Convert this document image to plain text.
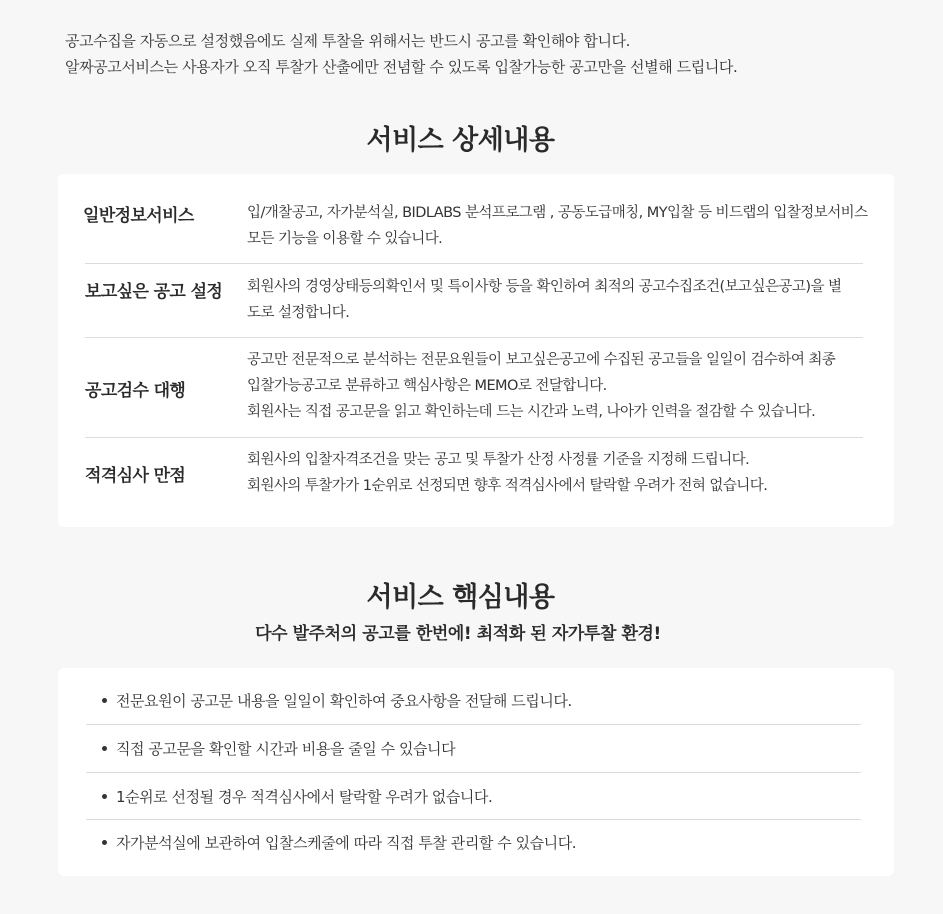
공고수집을 자동으로 설정했음에도 실제 투찰을 위해서는 반드시 공고를 확인해야 합니다.

알짜공고서비스는 사용자가 오직 투찰가 산출에만 전념할 수 있도록 입찰가능한 공고만을 선별해 드립니다.

서비스 상세내용
일반정보서비스	입/개찰공고, 자가분석실, BIDLABS 분석프로그램 , 공동도급매칭, MY입찰 등 비드랩의 입찰정보서비스

모든 기능을 이용할 수 있습니다.

보고싶은 공고 설정 회원사의 경영상태등의확인서 및 특이사항 등을 확인하여 최적의 공고수집조건(보고싶은공고)을 별

도로 설정합니다.

공고검수 대행

공고만 전문적으로 분석하는 전문요원들이 보고싶은공고에 수집된 공고들을 일일이 검수하여 최종

입찰가능공고로 분류하고 핵심사항은 MEMO로 전달합니다.

회원사는 직접 공고문을 읽고 확인하는데 드는 시간과 노력, 나아가 인력을 절감할 수 있습니다.

적격심사 만점

회원사의 입찰자격조건을 맞는 공고 및 투찰가 산정 사정률 기준을 지정해 드립니다.

회원사의 투찰가가 1순위로 선정되면 향후 적격심사에서 탈락할 우려가 전혀 없습니다.

서비스 핵심내용

다수 발주처의 공고를 한번에! 최적화 된 자가투찰 환경!

전문요원이 공고문 내용을 일일이 확인하여 중요사항을 전달해 드립니다.
직접 공고문을 확인할 시간과 비용을 줄일 수 있습니다
1순위로 선정될 경우 적격심사에서 탈락할 우려가 없습니다.
자가분석실에 보관하여 입찰스케줄에 따라 직접 투찰 관리할 수 있습니다.
